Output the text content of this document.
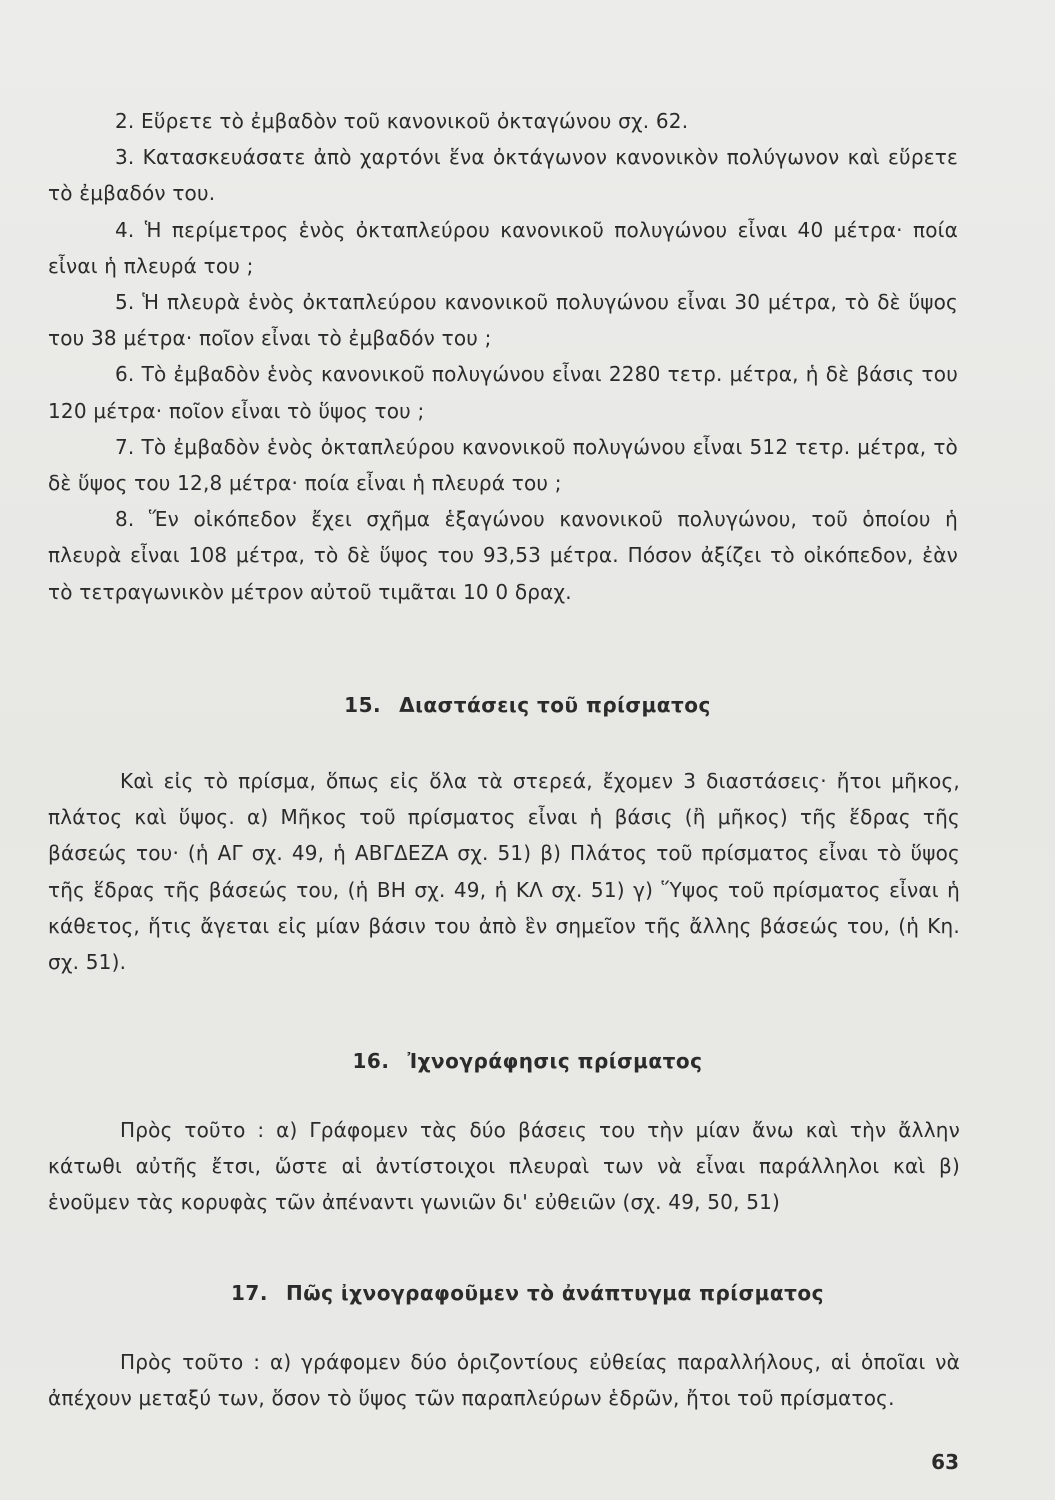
2. Εὕρετε τὸ ἐμβαδὸν τοῦ κανονικοῦ ὀκταγώνου σχ. 62.

3. Κατασκευάσατε ἀπὸ χαρτόνι ἕνα ὀκτάγωνον κανονικὸν πολύγωνον καὶ εὕρετε τὸ ἐμβαδόν του.

4. Ἡ περίμετρος ἑνὸς ὀκταπλεύρου κανονικοῦ πολυγώνου εἶναι 40 μέτρα· ποία εἶναι ἡ πλευρά του ;

5. Ἡ πλευρὰ ἑνὸς ὀκταπλεύρου κανονικοῦ πολυγώνου εἶναι 30 μέτρα, τὸ δὲ ὕψος του 38 μέτρα· ποῖον εἶναι τὸ ἐμβαδόν του ;

6. Τὸ ἐμβαδὸν ἑνὸς κανονικοῦ πολυγώνου εἶναι 2280 τετρ. μέτρα, ἡ δὲ βάσις του 120 μέτρα· ποῖον εἶναι τὸ ὕψος του ;

7. Τὸ ἐμβαδὸν ἑνὸς ὀκταπλεύρου κανονικοῦ πολυγώνου εἶναι 512 τετρ. μέτρα, τὸ δὲ ὕψος του 12,8 μέτρα· ποία εἶναι ἡ πλευρά του ;

8. Ἕν οἰκόπεδον ἔχει σχῆμα ἑξαγώνου κανονικοῦ πολυγώνου, τοῦ ὁποίου ἡ πλευρὰ εἶναι 108 μέτρα, τὸ δὲ ὕψος του 93,53 μέτρα. Πόσον ἀξίζει τὸ οἰκόπεδον, ἐὰν τὸ τετραγωνικὸν μέτρον αὐτοῦ τιμᾶται 10 0 δραχ.

15. Διαστάσεις τοῦ πρίσματος

Καὶ εἰς τὸ πρίσμα, ὅπως εἰς ὅλα τὰ στερεά, ἔχομεν 3 διαστάσεις· ἤτοι μῆκος, πλάτος καὶ ὕψος. α) Μῆκος τοῦ πρίσματος εἶναι ἡ βάσις (ἢ μῆκος) τῆς ἕδρας τῆς βάσεώς του· (ἡ ΑΓ σχ. 49, ἡ ΑΒΓΔΕΖΑ σχ. 51) β) Πλάτος τοῦ πρίσματος εἶναι τὸ ὕψος τῆς ἕδρας τῆς βάσεώς του, (ἡ ΒΗ σχ. 49, ἡ ΚΛ σχ. 51) γ) Ὕψος τοῦ πρίσματος εἶναι ἡ κάθετος, ἥτις ἄγεται εἰς μίαν βάσιν του ἀπὸ ἓν σημεῖον τῆς ἄλλης βάσεώς του, (ἡ Κη. σχ. 51).

16. Ἰχνογράφησις πρίσματος

Πρὸς τοῦτο : α) Γράφομεν τὰς δύο βάσεις του τὴν μίαν ἄνω καὶ τὴν ἄλλην κάτωθι αὐτῆς ἔτσι, ὥστε αἱ ἀντίστοιχοι πλευραὶ των νὰ εἶναι παράλληλοι καὶ β) ἑνοῦμεν τὰς κορυφὰς τῶν ἀπέναντι γωνιῶν δι' εὐθειῶν (σχ. 49, 50, 51)

17. Πῶς ἰχνογραφοῦμεν τὸ ἀνάπτυγμα πρίσματος

Πρὸς τοῦτο : α) γράφομεν δύο ὁριζοντίους εὐθείας παραλλήλους, αἱ ὁποῖαι νὰ ἀπέχουν μεταξύ των, ὅσον τὸ ὕψος τῶν παραπλεύρων ἑδρῶν, ἤτοι τοῦ πρίσματος.

63
